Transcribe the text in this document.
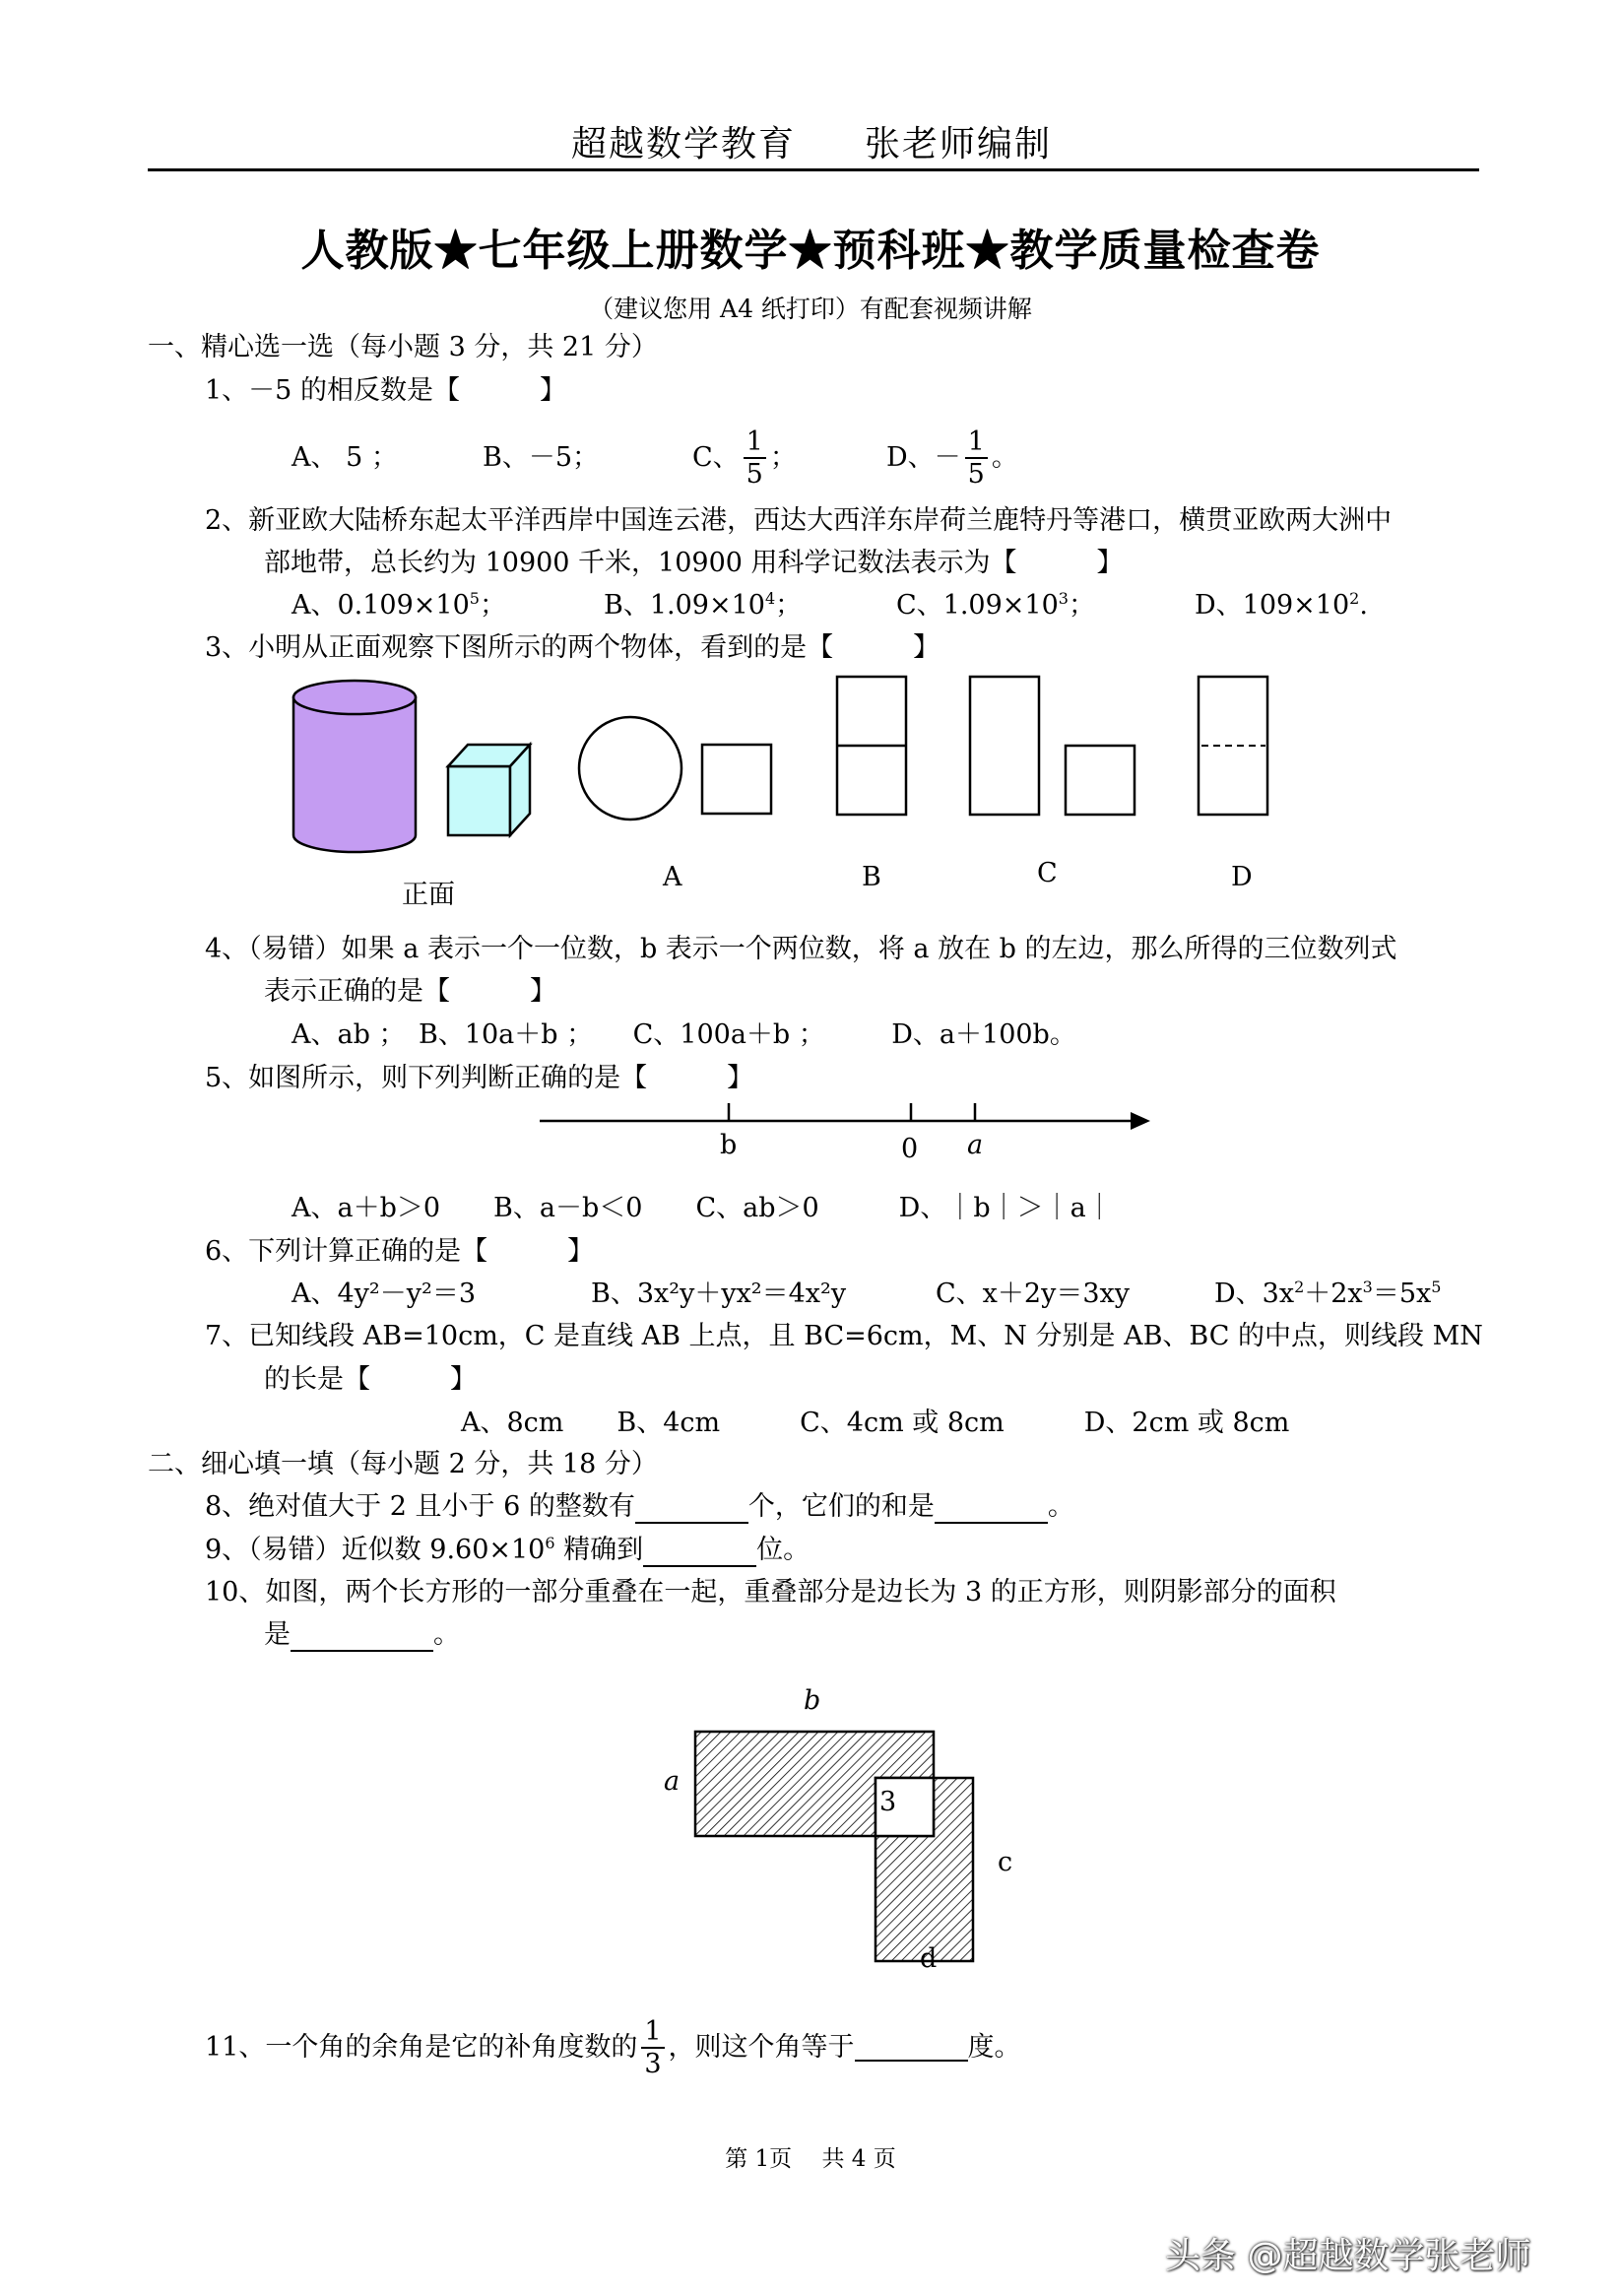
超越数学教育 张老师编制
人教版★七年级上册数学★预科班★教学质量检查卷
（建议您用 A4 纸打印）有配套视频讲解
一、精心选一选（每小题 3 分，共 21 分）
1、－5 的相反数是【　　　】
A、 5 ；	B、－5；	C、 $\frac{1}{5}$ ；	D、－ $\frac{1}{5}$ 。
2、新亚欧大陆桥东起太平洋西岸中国连云港，西达大西洋东岸荷兰鹿特丹等港口，横贯亚欧两大洲中
部地带，总长约为 10900 千米，10900 用科学记数法表示为【　　　】
A、$0.109\times 10^5$；	B、$1.09\times 10^4$；	C、$1.09\times 10^3$；	D、$109\times 10^2$.
3、小明从正面观察下图所示的两个物体，看到的是【　　　】
正面
A	B	C	D
4、（易错）如果 a 表示一个一位数，b 表示一个两位数，将 a 放在 b 的左边，那么所得的三位数列式
表示正确的是【　　　】
A、ab ；　B、10a＋b ；　　C、100a＋b ；　　　D、a＋100b。
5、如图所示，则下列判断正确的是【　　　】
b	0 a
A、a＋b＞0　　B、a－b＜0　　C、ab＞0　　　D、｜b｜＞｜a｜
6、下列计算正确的是【　　　】
A、4y²－y²＝3	B、3x²y＋yx²＝4x²y	C、x＋2y＝3xy	D、$3x^2+2x^3=5x^5$
7、已知线段 AB=10cm，C 是直线 AB 上点，且 BC=6cm，M、N 分别是 AB、BC 的中点，则线段 MN
的长是【　　　】
A、8cm　　B、4cm　　　C、4cm 或 8cm　　　D、2cm 或 8cm
二、细心填一填（每小题 2 分，共 18 分）
8、绝对值大于 2 且小于 6 的整数有	个，它们的和是	。
9、（易错）近似数 $9.60\times 10^6$ 精确到	位。
10、如图，两个长方形的一部分重叠在一起，重叠部分是边长为 3 的正方形，则阴影部分的面积
是	。
b
a
3
c
d
11、一个角的余角是它的补角度数的 $\frac{1}{3}$ ，则这个角等于	度。
第 1页　 共 4 页
头条 @超越数学张老师
